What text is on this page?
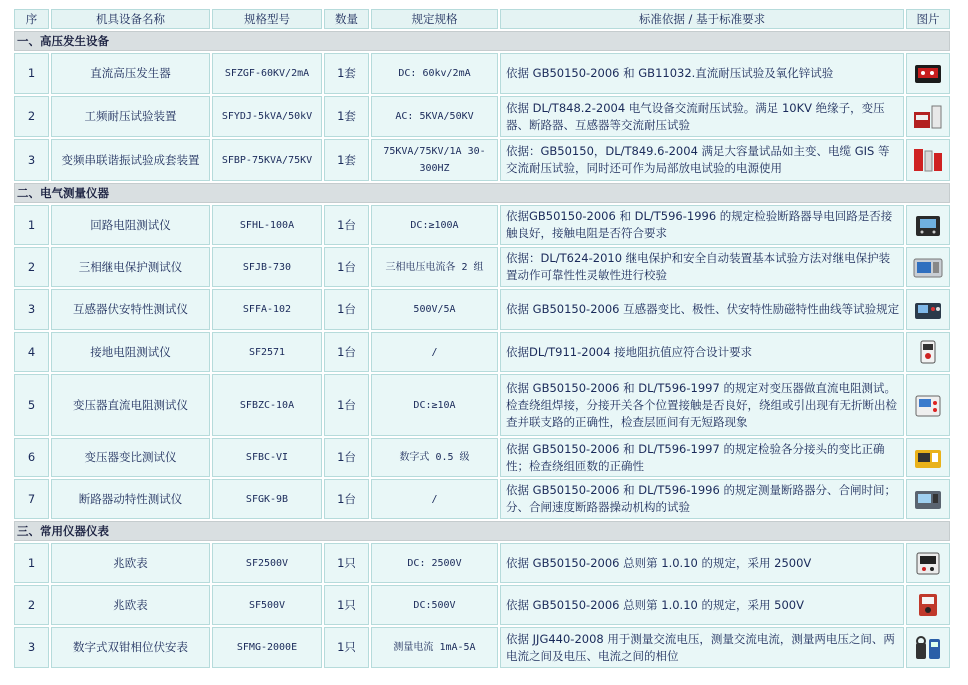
序	机具设备名称	规格型号	数量	规定规格	标准依据 / 基于标准要求	图片
一、高压发生设备						
1	直流高压发生器	SFZGF-60KV/2mA	1套	DC: 60kv/2mA	依据 GB50150-2006 和 GB11032.直流耐压试验及氧化锌试验	
2	工频耐压试验装置	SFYDJ-5kVA/50kV	1套	AC: 5KVA/50KV	依据 DL/T848.2-2004 电气设备交流耐压试验。满足 10KV 绝缘子，变压器、断路器、互感器等交流耐压试验	
3	变频串联谐振试验成套装置	SFBP-75KVA/75KV	1套	75KVA/75KV/1A 30-300HZ	依据：GB50150，DL/T849.6-2004 满足大容量试品如主变、电缆 GIS 等交流耐压试验，同时还可作为局部放电试验的电源使用	
二、电气测量仪器						
1	回路电阻测试仪	SFHL-100A	1台	DC:≥100A	依据GB50150-2006 和 DL/T596-1996 的规定检验断路器导电回路是否接触良好，接触电阻是否符合要求	
2	三相继电保护测试仪	SFJB-730	1台	三相电压电流各 2 组	依据：DL/T624-2010 继电保护和安全自动装置基本试验方法对继电保护装置动作可靠性性灵敏性进行校验	
3	互感器伏安特性测试仪	SFFA-102	1台	500V/5A	依据 GB50150-2006 互感器变比、极性、伏安特性励磁特性曲线等试验规定	
4	接地电阻测试仪	SF2571	1台	/	依据DL/T911-2004 接地阻抗值应符合设计要求	
5	变压器直流电阻测试仪	SFBZC-10A	1台	DC:≥10A	依据 GB50150-2006 和 DL/T596-1997 的规定对变压器做直流电阻测试。检查绕组焊接，分接开关各个位置接触是否良好，绕组或引出现有无折断出检查并联支路的正确性，检查层匝间有无短路现象	
6	变压器变比测试仪	SFBC-VI	1台	数字式 0.5 级	依据 GB50150-2006 和 DL/T596-1997 的规定检验各分接头的变比正确性；检查绕组匝数的正确性	
7	断路器动特性测试仪	SFGK-9B	1台	/	依据 GB50150-2006 和 DL/T596-1996 的规定测量断路器分、合闸时间；分、合闸速度断路器操动机构的试验	
三、常用仪器仪表						
1	兆欧表	SF2500V	1只	DC: 2500V	依据 GB50150-2006 总则第 1.0.10 的规定，采用 2500V	
2	兆欧表	SF500V	1只	DC:500V	依据 GB50150-2006 总则第 1.0.10 的规定，采用 500V	
3	数字式双钳相位伏安表	SFMG-2000E	1只	测量电流 1mA-5A	依据 JJG440-2008 用于测量交流电压，测量交流电流，测量两电压之间、两电流之间及电压、电流之间的相位	
